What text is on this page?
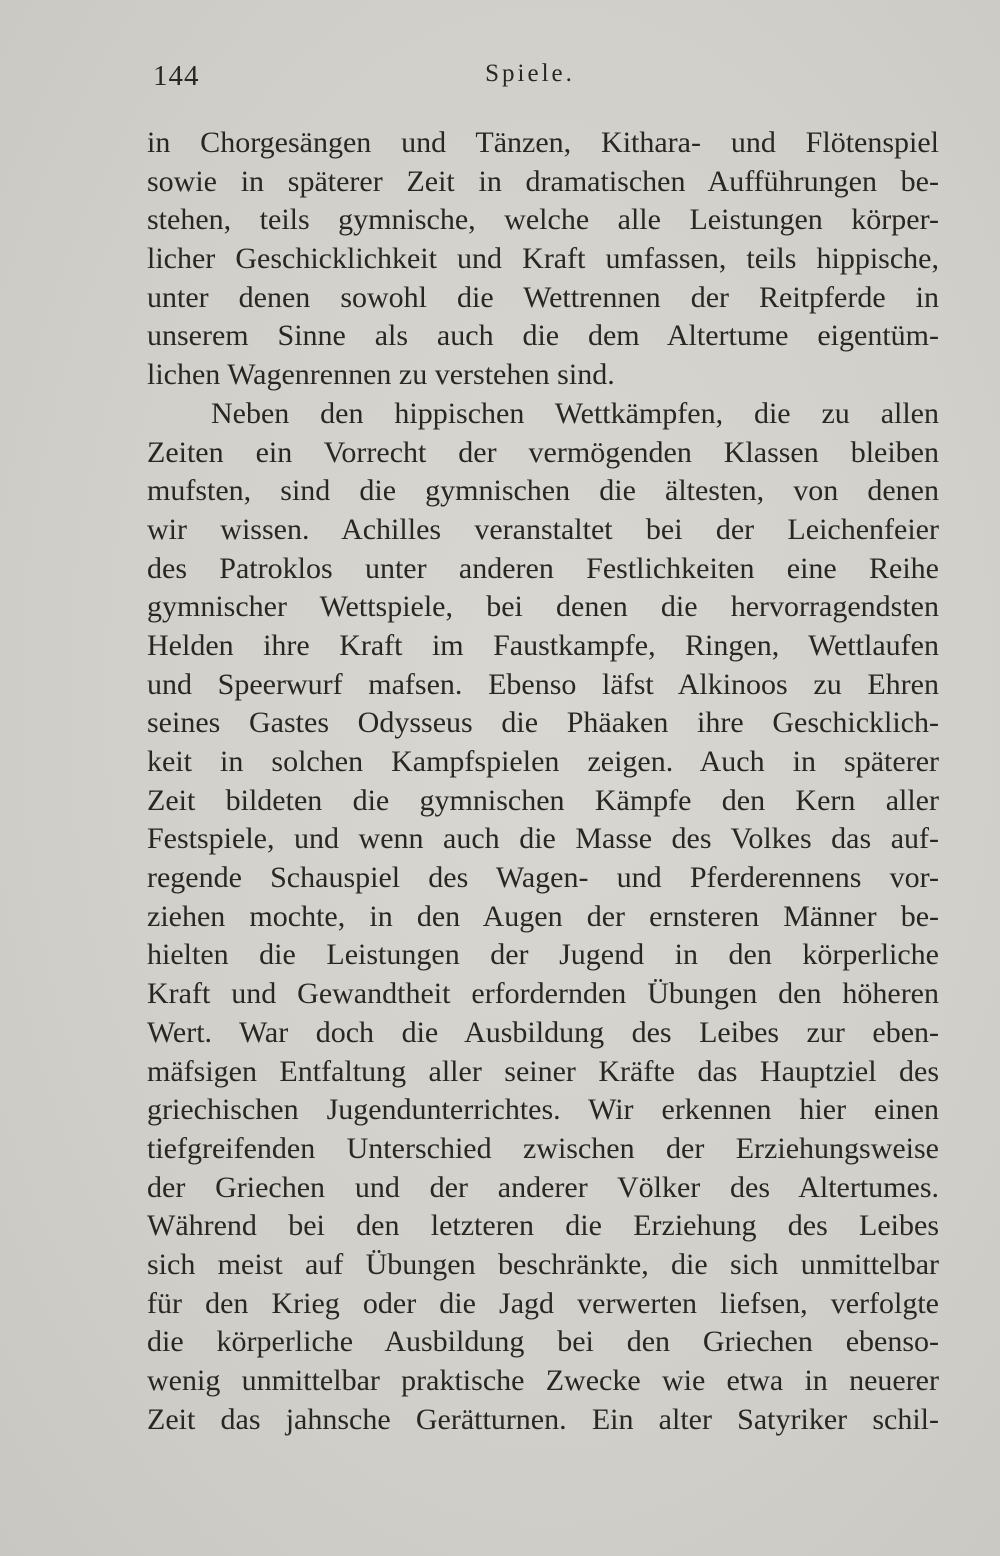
144	Spiele.
in Chorgesängen und Tänzen, Kithara- und Flötenspiel
sowie in späterer Zeit in dramatischen Aufführungen be-
stehen, teils gymnische, welche alle Leistungen körper-
licher Geschicklichkeit und Kraft umfassen, teils hippische,
unter denen sowohl die Wettrennen der Reitpferde in
unserem Sinne als auch die dem Altertume eigentüm-
lichen Wagenrennen zu verstehen sind.
Neben den hippischen Wettkämpfen, die zu allen
Zeiten ein Vorrecht der vermögenden Klassen bleiben
mufsten, sind die gymnischen die ältesten, von denen
wir wissen. Achilles veranstaltet bei der Leichenfeier
des Patroklos unter anderen Festlichkeiten eine Reihe
gymnischer Wettspiele, bei denen die hervorragendsten
Helden ihre Kraft im Faustkampfe, Ringen, Wettlaufen
und Speerwurf mafsen. Ebenso läfst Alkinoos zu Ehren
seines Gastes Odysseus die Phäaken ihre Geschicklich-
keit in solchen Kampfspielen zeigen. Auch in späterer
Zeit bildeten die gymnischen Kämpfe den Kern aller
Festspiele, und wenn auch die Masse des Volkes das auf-
regende Schauspiel des Wagen- und Pferderennens vor-
ziehen mochte, in den Augen der ernsteren Männer be-
hielten die Leistungen der Jugend in den körperliche
Kraft und Gewandtheit erfordernden Übungen den höheren
Wert. War doch die Ausbildung des Leibes zur eben-
mäfsigen Entfaltung aller seiner Kräfte das Hauptziel des
griechischen Jugendunterrichtes. Wir erkennen hier einen
tiefgreifenden Unterschied zwischen der Erziehungsweise
der Griechen und der anderer Völker des Altertumes.
Während bei den letzteren die Erziehung des Leibes
sich meist auf Übungen beschränkte, die sich unmittelbar
für den Krieg oder die Jagd verwerten liefsen, verfolgte
die körperliche Ausbildung bei den Griechen ebenso-
wenig unmittelbar praktische Zwecke wie etwa in neuerer
Zeit das jahnsche Gerätturnen. Ein alter Satyriker schil-
